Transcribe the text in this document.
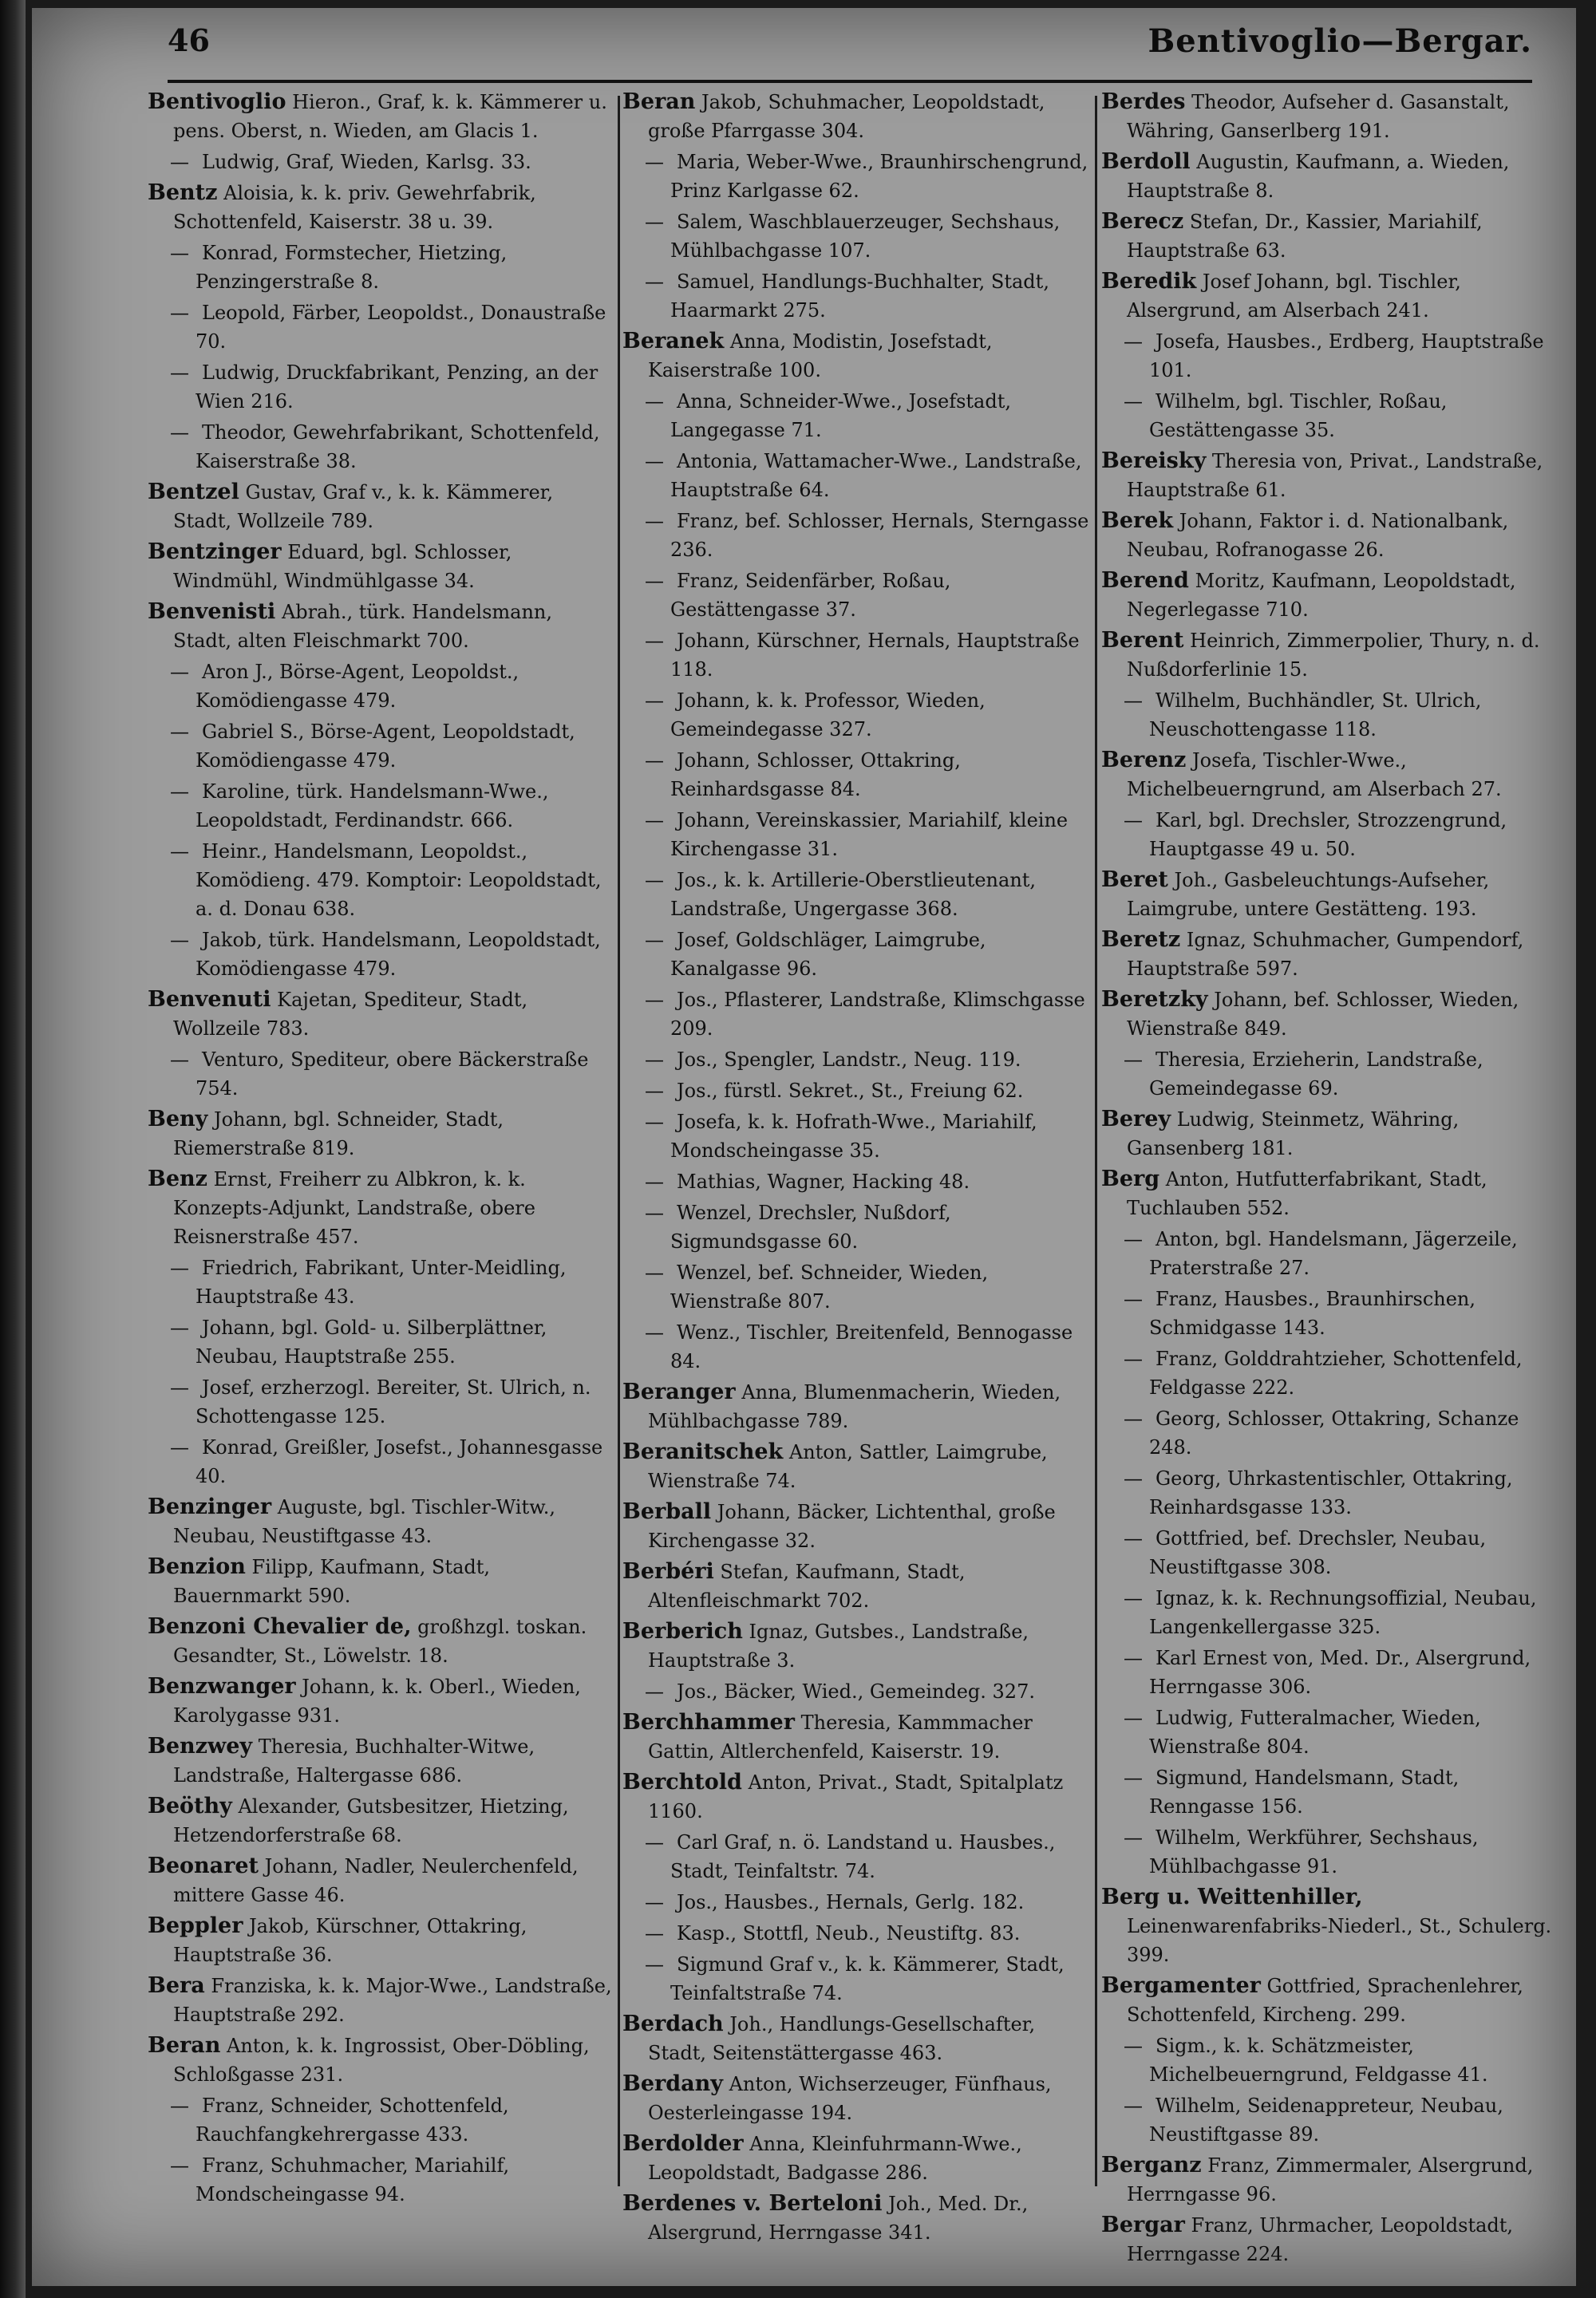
46	Bentivoglio—Bergar.
Bentivoglio Hieron., Graf, k. k. Kämmerer u. pens. Oberst, n. Wieden, am Glacis 1.
— Ludwig, Graf, Wieden, Karlsg. 33.
Bentz Aloisia, k. k. priv. Gewehrfabrik, Schottenfeld, Kaiserstr. 38 u. 39.
— Konrad, Formstecher, Hietzing, Penzingerstraße 8.
— Leopold, Färber, Leopoldst., Donaustraße 70.
— Ludwig, Druckfabrikant, Penzing, an der Wien 216.
— Theodor, Gewehrfabrikant, Schottenfeld, Kaiserstraße 38.
Bentzel Gustav, Graf v., k. k. Kämmerer, Stadt, Wollzeile 789.
Bentzinger Eduard, bgl. Schlosser, Windmühl, Windmühlgasse 34.
Benvenisti Abrah., türk. Handelsmann, Stadt, alten Fleischmarkt 700.
— Aron J., Börse-Agent, Leopoldst., Komödiengasse 479.
— Gabriel S., Börse-Agent, Leopoldstadt, Komödiengasse 479.
— Karoline, türk. Handelsmann-Wwe., Leopoldstadt, Ferdinandstr. 666.
— Heinr., Handelsmann, Leopoldst., Komödieng. 479. Komptoir: Leopoldstadt, a. d. Donau 638.
— Jakob, türk. Handelsmann, Leopoldstadt, Komödiengasse 479.
Benvenuti Kajetan, Spediteur, Stadt, Wollzeile 783.
— Venturo, Spediteur, obere Bäckerstraße 754.
Beny Johann, bgl. Schneider, Stadt, Riemerstraße 819.
Benz Ernst, Freiherr zu Albkron, k. k. Konzepts-Adjunkt, Landstraße, obere Reisnerstraße 457.
— Friedrich, Fabrikant, Unter-Meidling, Hauptstraße 43.
— Johann, bgl. Gold- u. Silberplättner, Neubau, Hauptstraße 255.
— Josef, erzherzogl. Bereiter, St. Ulrich, n. Schottengasse 125.
— Konrad, Greißler, Josefst., Johannesgasse 40.
Benzinger Auguste, bgl. Tischler-Witw., Neubau, Neustiftgasse 43.
Benzion Filipp, Kaufmann, Stadt, Bauernmarkt 590.
Benzoni Chevalier de, großhzgl. toskan. Gesandter, St., Löwelstr. 18.
Benzwanger Johann, k. k. Oberl., Wieden, Karolygasse 931.
Benzwey Theresia, Buchhalter-Witwe, Landstraße, Haltergasse 686.
Beöthy Alexander, Gutsbesitzer, Hietzing, Hetzendorferstraße 68.
Beonaret Johann, Nadler, Neulerchenfeld, mittere Gasse 46.
Beppler Jakob, Kürschner, Ottakring, Hauptstraße 36.
Bera Franziska, k. k. Major-Wwe., Landstraße, Hauptstraße 292.
Beran Anton, k. k. Ingrossist, Ober-Döbling, Schloßgasse 231.
— Franz, Schneider, Schottenfeld, Rauchfangkehrergasse 433.
— Franz, Schuhmacher, Mariahilf, Mondscheingasse 94.
Beran Jakob, Schuhmacher, Leopoldstadt, große Pfarrgasse 304.
— Maria, Weber-Wwe., Braunhirschengrund, Prinz Karlgasse 62.
— Salem, Waschblauerzeuger, Sechshaus, Mühlbachgasse 107.
— Samuel, Handlungs-Buchhalter, Stadt, Haarmarkt 275.
Beranek Anna, Modistin, Josefstadt, Kaiserstraße 100.
— Anna, Schneider-Wwe., Josefstadt, Langegasse 71.
— Antonia, Wattamacher-Wwe., Landstraße, Hauptstraße 64.
— Franz, bef. Schlosser, Hernals, Sterngasse 236.
— Franz, Seidenfärber, Roßau, Gestättengasse 37.
— Johann, Kürschner, Hernals, Hauptstraße 118.
— Johann, k. k. Professor, Wieden, Gemeindegasse 327.
— Johann, Schlosser, Ottakring, Reinhardsgasse 84.
— Johann, Vereinskassier, Mariahilf, kleine Kirchengasse 31.
— Jos., k. k. Artillerie-Oberstlieutenant, Landstraße, Ungergasse 368.
— Josef, Goldschläger, Laimgrube, Kanalgasse 96.
— Jos., Pflasterer, Landstraße, Klimschgasse 209.
— Jos., Spengler, Landstr., Neug. 119.
— Jos., fürstl. Sekret., St., Freiung 62.
— Josefa, k. k. Hofrath-Wwe., Mariahilf, Mondscheingasse 35.
— Mathias, Wagner, Hacking 48.
— Wenzel, Drechsler, Nußdorf, Sigmundsgasse 60.
— Wenzel, bef. Schneider, Wieden, Wienstraße 807.
— Wenz., Tischler, Breitenfeld, Bennogasse 84.
Beranger Anna, Blumenmacherin, Wieden, Mühlbachgasse 789.
Beranitschek Anton, Sattler, Laimgrube, Wienstraße 74.
Berball Johann, Bäcker, Lichtenthal, große Kirchengasse 32.
Berbéri Stefan, Kaufmann, Stadt, Altenfleischmarkt 702.
Berberich Ignaz, Gutsbes., Landstraße, Hauptstraße 3.
— Jos., Bäcker, Wied., Gemeindeg. 327.
Berchhammer Theresia, Kammmacher Gattin, Altlerchenfeld, Kaiserstr. 19.
Berchtold Anton, Privat., Stadt, Spitalplatz 1160.
— Carl Graf, n. ö. Landstand u. Hausbes., Stadt, Teinfaltstr. 74.
— Jos., Hausbes., Hernals, Gerlg. 182.
— Kasp., Stottfl, Neub., Neustiftg. 83.
— Sigmund Graf v., k. k. Kämmerer, Stadt, Teinfaltstraße 74.
Berdach Joh., Handlungs-Gesellschafter, Stadt, Seitenstättergasse 463.
Berdany Anton, Wichserzeuger, Fünfhaus, Oesterleingasse 194.
Berdolder Anna, Kleinfuhrmann-Wwe., Leopoldstadt, Badgasse 286.
Berdenes v. Berteloni Joh., Med. Dr., Alsergrund, Herrngasse 341.
Berdes Theodor, Aufseher d. Gasanstalt, Währing, Ganserlberg 191.
Berdoll Augustin, Kaufmann, a. Wieden, Hauptstraße 8.
Berecz Stefan, Dr., Kassier, Mariahilf, Hauptstraße 63.
Beredik Josef Johann, bgl. Tischler, Alsergrund, am Alserbach 241.
— Josefa, Hausbes., Erdberg, Hauptstraße 101.
— Wilhelm, bgl. Tischler, Roßau, Gestättengasse 35.
Bereisky Theresia von, Privat., Landstraße, Hauptstraße 61.
Berek Johann, Faktor i. d. Nationalbank, Neubau, Rofranogasse 26.
Berend Moritz, Kaufmann, Leopoldstadt, Negerlegasse 710.
Berent Heinrich, Zimmerpolier, Thury, n. d. Nußdorferlinie 15.
— Wilhelm, Buchhändler, St. Ulrich, Neuschottengasse 118.
Berenz Josefa, Tischler-Wwe., Michelbeuerngrund, am Alserbach 27.
— Karl, bgl. Drechsler, Strozzengrund, Hauptgasse 49 u. 50.
Beret Joh., Gasbeleuchtungs-Aufseher, Laimgrube, untere Gestätteng. 193.
Beretz Ignaz, Schuhmacher, Gumpendorf, Hauptstraße 597.
Beretzky Johann, bef. Schlosser, Wieden, Wienstraße 849.
— Theresia, Erzieherin, Landstraße, Gemeindegasse 69.
Berey Ludwig, Steinmetz, Währing, Gansenberg 181.
Berg Anton, Hutfutterfabrikant, Stadt, Tuchlauben 552.
— Anton, bgl. Handelsmann, Jägerzeile, Praterstraße 27.
— Franz, Hausbes., Braunhirschen, Schmidgasse 143.
— Franz, Golddrahtzieher, Schottenfeld, Feldgasse 222.
— Georg, Schlosser, Ottakring, Schanze 248.
— Georg, Uhrkastentischler, Ottakring, Reinhardsgasse 133.
— Gottfried, bef. Drechsler, Neubau, Neustiftgasse 308.
— Ignaz, k. k. Rechnungsoffizial, Neubau, Langenkellergasse 325.
— Karl Ernest von, Med. Dr., Alsergrund, Herrngasse 306.
— Ludwig, Futteralmacher, Wieden, Wienstraße 804.
— Sigmund, Handelsmann, Stadt, Renngasse 156.
— Wilhelm, Werkführer, Sechshaus, Mühlbachgasse 91.
Berg u. Weittenhiller, Leinenwarenfabriks-Niederl., St., Schulerg. 399.
Bergamenter Gottfried, Sprachenlehrer, Schottenfeld, Kircheng. 299.
— Sigm., k. k. Schätzmeister, Michelbeuerngrund, Feldgasse 41.
— Wilhelm, Seidenappreteur, Neubau, Neustiftgasse 89.
Berganz Franz, Zimmermaler, Alsergrund, Herrngasse 96.
Bergar Franz, Uhrmacher, Leopoldstadt, Herrngasse 224.
